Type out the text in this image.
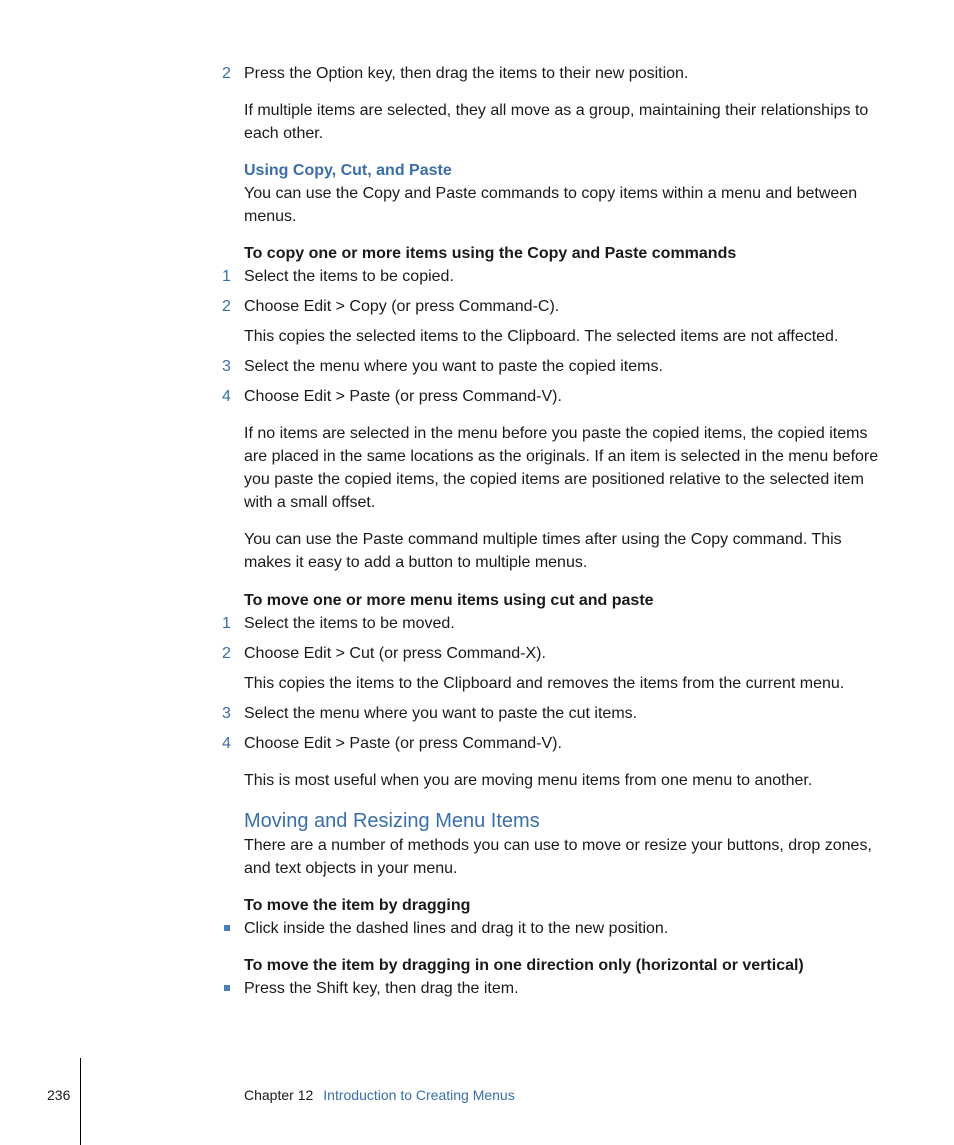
2 Press the Option key, then drag the items to their new position.
If multiple items are selected, they all move as a group, maintaining their relationships to each other.
Using Copy, Cut, and Paste
You can use the Copy and Paste commands to copy items within a menu and between menus.
To copy one or more items using the Copy and Paste commands
1 Select the items to be copied.
2 Choose Edit > Copy (or press Command-C).
This copies the selected items to the Clipboard. The selected items are not affected.
3 Select the menu where you want to paste the copied items.
4 Choose Edit > Paste (or press Command-V).
If no items are selected in the menu before you paste the copied items, the copied items are placed in the same locations as the originals. If an item is selected in the menu before you paste the copied items, the copied items are positioned relative to the selected item with a small offset.
You can use the Paste command multiple times after using the Copy command. This makes it easy to add a button to multiple menus.
To move one or more menu items using cut and paste
1 Select the items to be moved.
2 Choose Edit > Cut (or press Command-X).
This copies the items to the Clipboard and removes the items from the current menu.
3 Select the menu where you want to paste the cut items.
4 Choose Edit > Paste (or press Command-V).
This is most useful when you are moving menu items from one menu to another.
Moving and Resizing Menu Items
There are a number of methods you can use to move or resize your buttons, drop zones, and text objects in your menu.
To move the item by dragging
Click inside the dashed lines and drag it to the new position.
To move the item by dragging in one direction only (horizontal or vertical)
Press the Shift key, then drag the item.
236	Chapter 12 Introduction to Creating Menus
